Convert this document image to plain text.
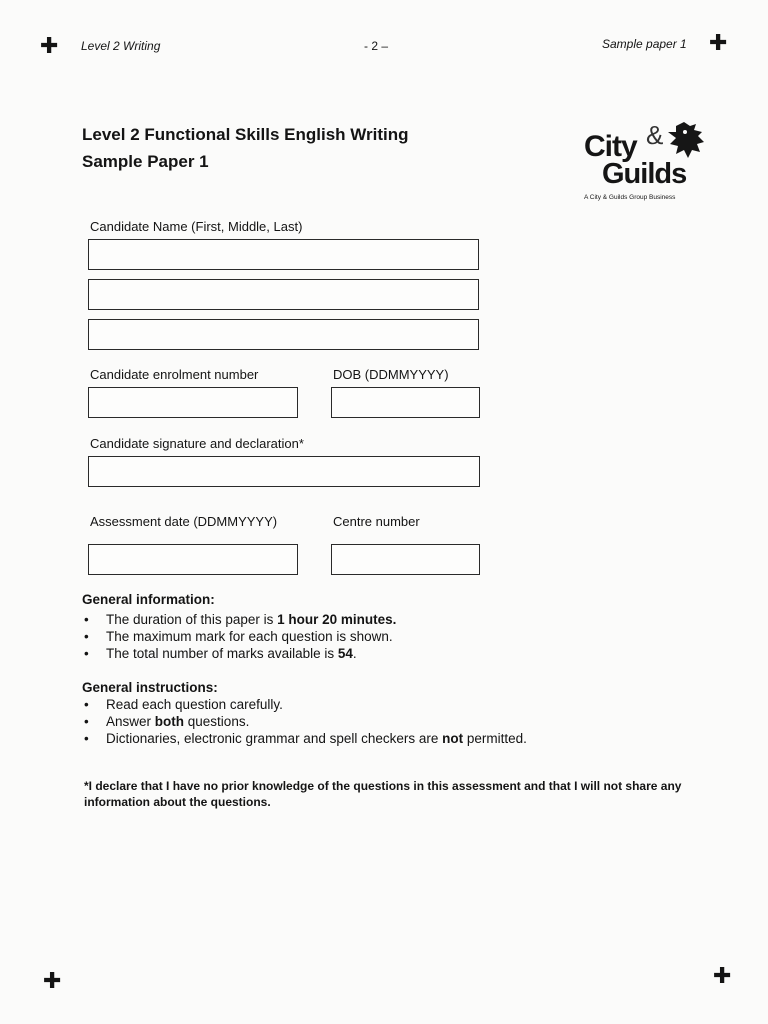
✚	✚
✚	✚
Level 2 Writing	- 2 –	Sample paper 1
Level 2 Functional Skills English Writing
Sample Paper 1	City &
Guilds
A City & Guilds Group Business
Candidate Name (First, Middle, Last)
Candidate enrolment number	DOB (DDMMYYYY)
Candidate signature and declaration*
Assessment date (DDMMYYYY)	Centre number
General information:
• The duration of this paper is 1 hour 20 minutes.
• The maximum mark for each question is shown.
• The total number of marks available is 54.
General instructions:
• Read each question carefully.
• Answer both questions.
• Dictionaries, electronic grammar and spell checkers are not permitted.
*I declare that I have no prior knowledge of the questions in this assessment and that I will not share any information about the questions.
